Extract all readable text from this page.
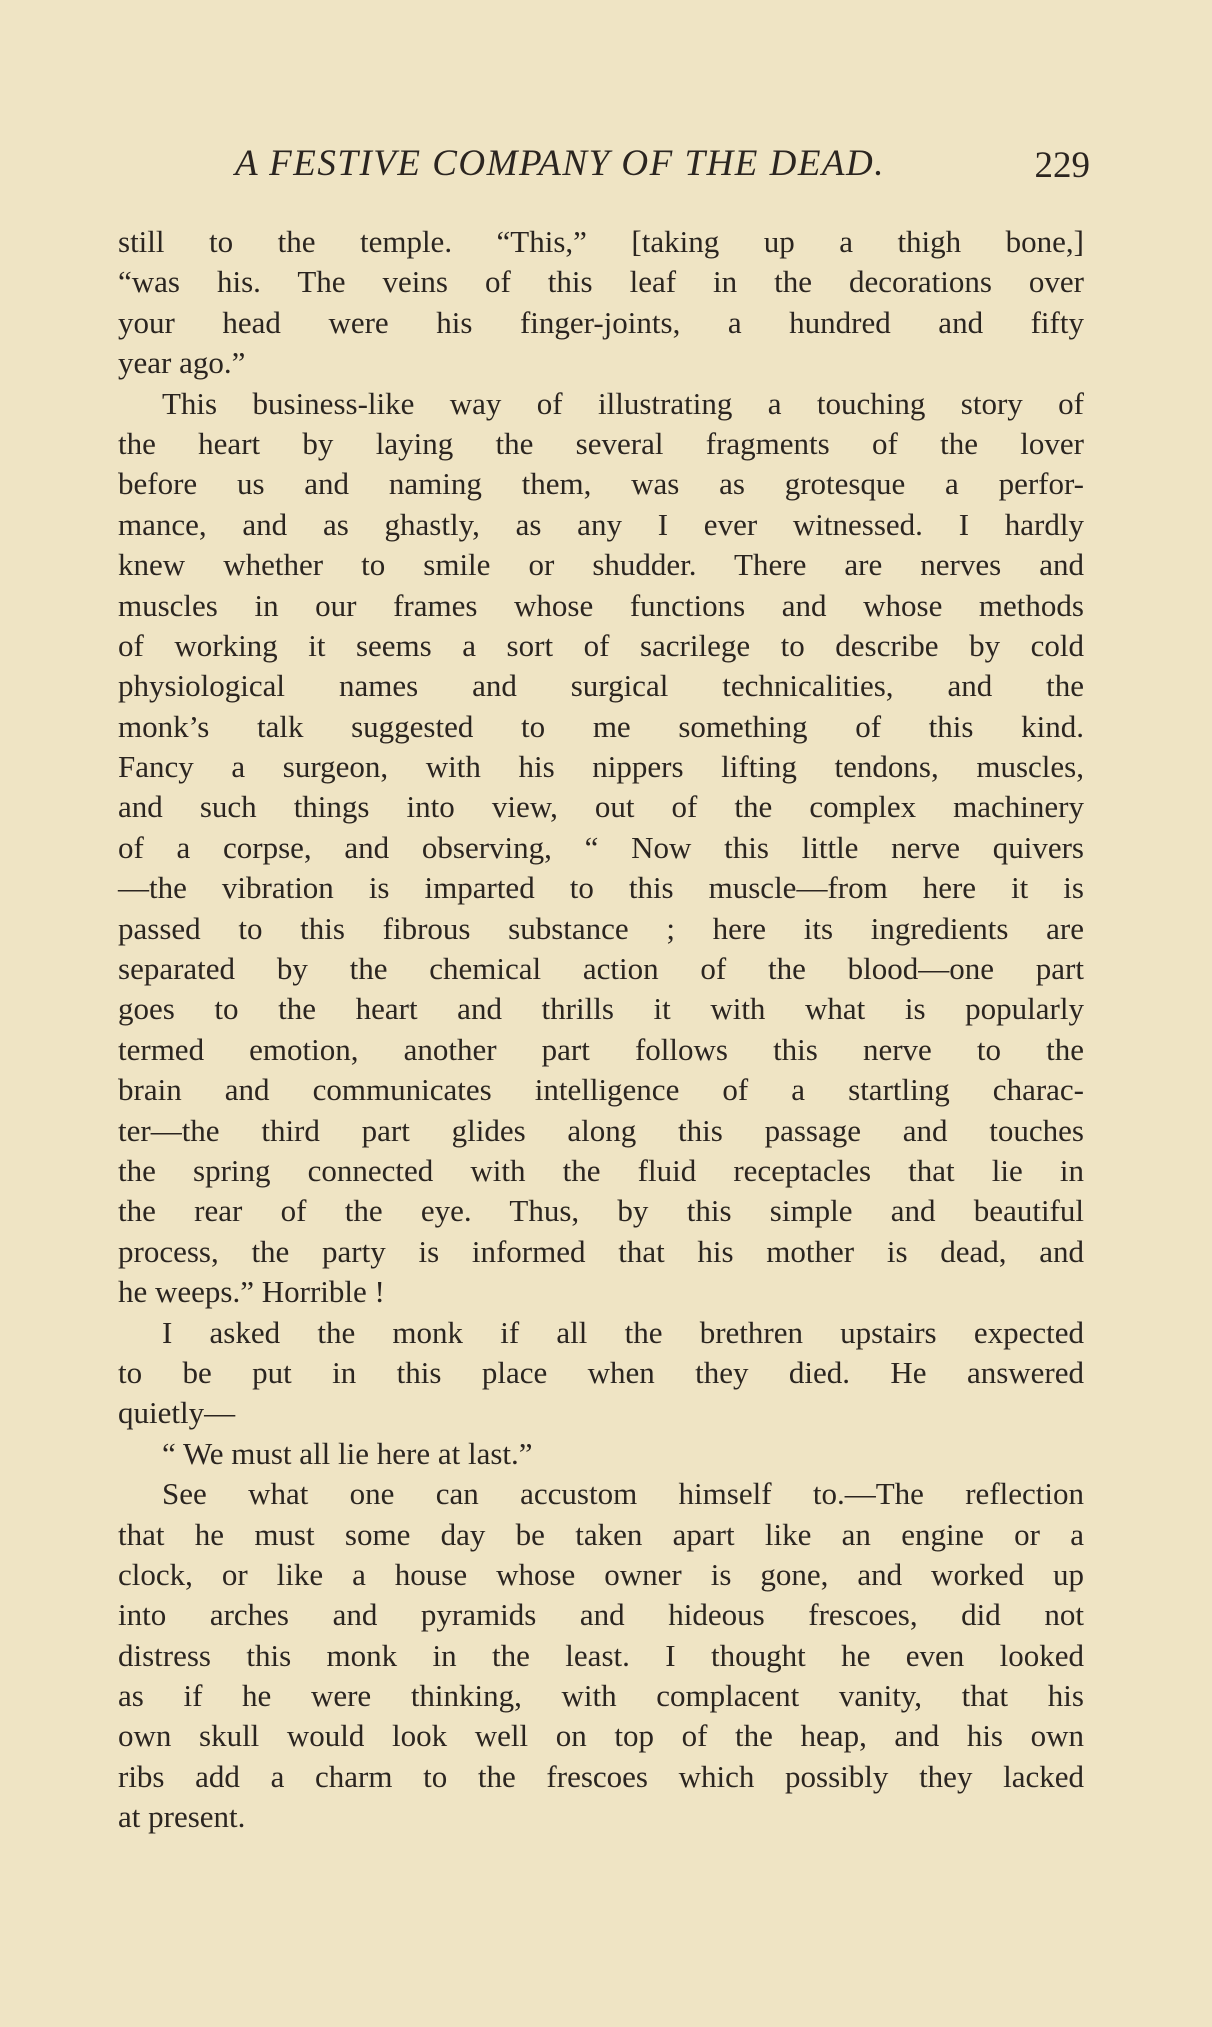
A FESTIVE COMPANY OF THE DEAD.	229
still to the temple. “This,” [taking up a thigh bone,]
“was his. The veins of this leaf in the decorations over
your head were his finger-joints, a hundred and fifty
year ago.”
This business-like way of illustrating a touching story of
the heart by laying the several fragments of the lover
before us and naming them, was as grotesque a perfor-
mance, and as ghastly, as any I ever witnessed. I hardly
knew whether to smile or shudder. There are nerves and
muscles in our frames whose functions and whose methods
of working it seems a sort of sacrilege to describe by cold
physiological names and surgical technicalities, and the
monk’s talk suggested to me something of this kind.
Fancy a surgeon, with his nippers lifting tendons, muscles,
and such things into view, out of the complex machinery
of a corpse, and observing, “ Now this little nerve quivers
—the vibration is imparted to this muscle—from here it is
passed to this fibrous substance ; here its ingredients are
separated by the chemical action of the blood—one part
goes to the heart and thrills it with what is popularly
termed emotion, another part follows this nerve to the
brain and communicates intelligence of a startling charac-
ter—the third part glides along this passage and touches
the spring connected with the fluid receptacles that lie in
the rear of the eye. Thus, by this simple and beautiful
process, the party is informed that his mother is dead, and
he weeps.” Horrible !
I asked the monk if all the brethren upstairs expected
to be put in this place when they died. He answered
quietly—
“ We must all lie here at last.”
See what one can accustom himself to.—The reflection
that he must some day be taken apart like an engine or a
clock, or like a house whose owner is gone, and worked up
into arches and pyramids and hideous frescoes, did not
distress this monk in the least. I thought he even looked
as if he were thinking, with complacent vanity, that his
own skull would look well on top of the heap, and his own
ribs add a charm to the frescoes which possibly they lacked
at present.
